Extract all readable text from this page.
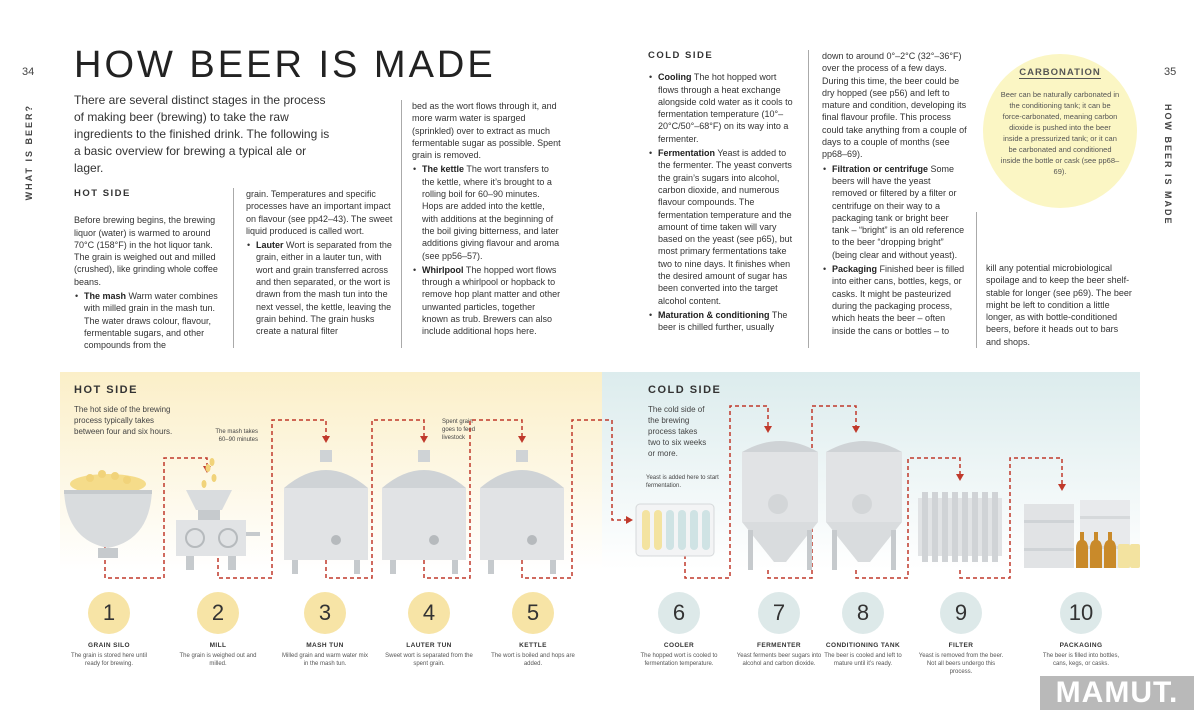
34	35
WHAT IS BEER?	HOW BEER IS MADE
HOW BEER IS MADE
There are several distinct stages in the process of making beer (brewing) to take the raw ingredients to the finished drink. The following is a basic overview for brewing a typical ale or lager.
HOT SIDE

Before brewing begins, the brewing liquor (water) is warmed to around 70°C (158°F) in the hot liquor tank. The grain is weighed out and milled (crushed), like grinding whole coffee beans.

• The mash Warm water combines with milled grain in the mash tun. The water draws colour, flavour, fermentable sugars, and other compounds from the

grain. Temperatures and specific processes have an important impact on flavour (see pp42–43). The sweet liquid produced is called wort.

• Lauter Wort is separated from the grain, either in a lauter tun, with wort and grain transferred across and then separated, or the wort is drawn from the mash tun into the next vessel, the kettle, leaving the grain behind. The grain husks create a natural filter

bed as the wort flows through it, and more warm water is sparged (sprinkled) over to extract as much fermentable sugar as possible. Spent grain is removed.

• The kettle The wort transfers to the kettle, where it’s brought to a rolling boil for 60–90 minutes. Hops are added into the kettle, with additions at the beginning of the boil giving bitterness, and later additions giving flavour and aroma (see pp56–57).

• Whirlpool The hopped wort flows through a whirlpool or hopback to remove hop plant matter and other unwanted particles, together known as trub. Brewers can also include additional hops here.

COLD SIDE

• Cooling The hot hopped wort flows through a heat exchange alongside cold water as it cools to fermentation temperature (10°–20°C/50°–68°F) on its way into a fermenter.

• Fermentation Yeast is added to the fermenter. The yeast converts the grain’s sugars into alcohol, carbon dioxide, and numerous flavour compounds. The fermentation temperature and the amount of time taken will vary based on the yeast (see p65), but most primary fermentations take two to nine days. It finishes when the desired amount of sugar has been converted into the target alcohol content.

• Maturation & conditioning The beer is chilled further, usually

down to around 0°–2°C (32°–36°F) over the process of a few days. During this time, the beer could be dry hopped (see p56) and left to mature and condition, developing its final flavour profile. This process could take anything from a couple of days to a couple of months (see pp68–69).

• Filtration or centrifuge Some beers will have the yeast removed or filtered by a filter or centrifuge on their way to a packaging tank or bright beer tank – “bright” is an old reference to the beer “dropping bright” (being clear and without yeast).

• Packaging Finished beer is filled into either cans, bottles, kegs, or casks. It might be pasteurized during the packaging process, which heats the beer – often inside the cans or bottles – to

kill any potential microbiological spoilage and to keep the beer shelf-stable for longer (see p69). The beer might be left to condition a little longer, as with bottle-conditioned beers, before it heads out to bars and shops.

CARBONATION
Beer can be naturally carbonated in the conditioning tank; it can be force-carbonated, meaning carbon dioxide is pushed into the beer inside a pressurized tank; or it can be carbonated and conditioned inside the bottle or cask (see pp68–69).
HOT SIDE
The hot side of the brewing process typically takes between four and six hours.
COLD SIDE
The cold side of the brewing process takes two to six weeks or more.
The mash takes 60–90 minutes
Spent grain goes to feed livestock
Yeast is added here to start fermentation.
1
GRAIN SILO
The grain is stored here until ready for brewing.
2
MILL
The grain is weighed out and milled.
3
MASH TUN
Milled grain and warm water mix in the mash tun.
4
LAUTER TUN
Sweet wort is separated from the spent grain.
5
KETTLE
The wort is boiled and hops are added.
6
COOLER
The hopped wort is cooled to fermentation temperature.
7
FERMENTER
Yeast ferments beer sugars into alcohol and carbon dioxide.
8
CONDITIONING TANK
The beer is cooled and left to mature until it’s ready.
9
FILTER
Yeast is removed from the beer. Not all beers undergo this process.
10
PACKAGING
The beer is filled into bottles, cans, kegs, or casks.
MAMUT.
